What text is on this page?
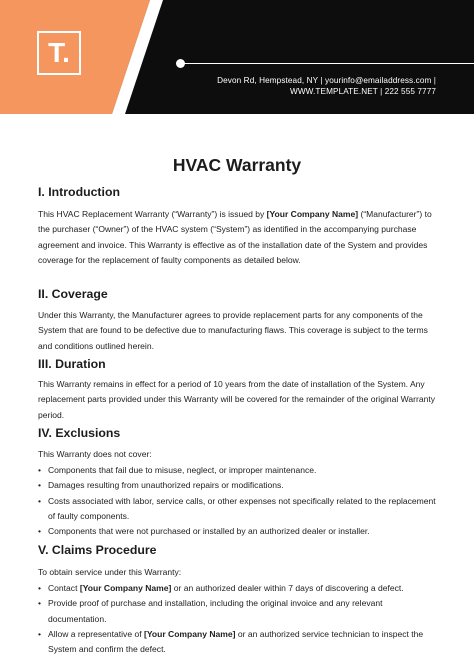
T.
Devon Rd, Hempstead, NY | yourinfo@emailaddress.com |
WWW.TEMPLATE.NET | 222 555 7777
HVAC Warranty
I. Introduction
This HVAC Replacement Warranty (“Warranty”) is issued by [Your Company Name] (“Manufacturer”) to the purchaser (“Owner”) of the HVAC system (“System”) as identified in the accompanying purchase agreement and invoice. This Warranty is effective as of the installation date of the System and provides coverage for the replacement of faulty components as detailed below.
II. Coverage
Under this Warranty, the Manufacturer agrees to provide replacement parts for any components of the System that are found to be defective due to manufacturing flaws. This coverage is subject to the terms and conditions outlined herein.
III. Duration
This Warranty remains in effect for a period of 10 years from the date of installation of the System. Any replacement parts provided under this Warranty will be covered for the remainder of the original Warranty period.
IV. Exclusions
This Warranty does not cover:
• Components that fail due to misuse, neglect, or improper maintenance.
• Damages resulting from unauthorized repairs or modifications.
• Costs associated with labor, service calls, or other expenses not specifically related to the replacement of faulty components.
• Components that were not purchased or installed by an authorized dealer or installer.
V. Claims Procedure
To obtain service under this Warranty:
• Contact [Your Company Name] or an authorized dealer within 7 days of discovering a defect.
• Provide proof of purchase and installation, including the original invoice and any relevant documentation.
• Allow a representative of [Your Company Name] or an authorized service technician to inspect the System and confirm the defect.
